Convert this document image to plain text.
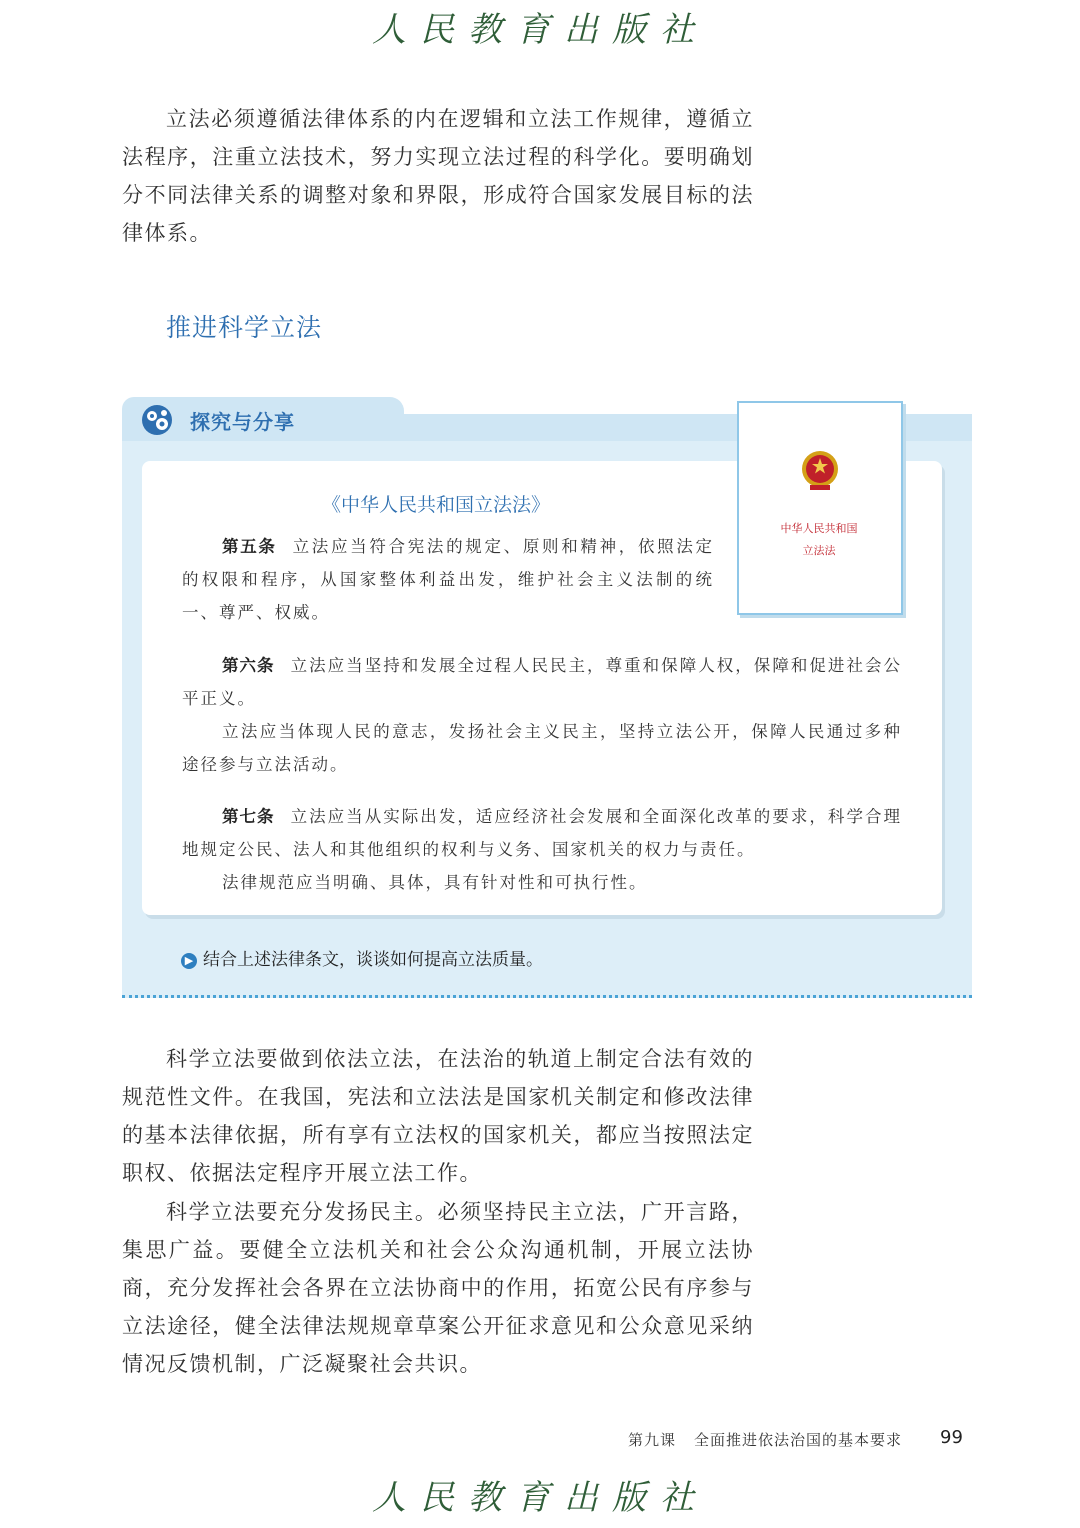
人民教育出版社

立法必须遵循法律体系的内在逻辑和立法工作规律，遵循立法程序，注重立法技术，努力实现立法过程的科学化。要明确划分不同法律关系的调整对象和界限，形成符合国家发展目标的法律体系。

推进科学立法
探究与分享
《中华人民共和国立法法》

第五条 立法应当符合宪法的规定、原则和精神，依照法定的权限和程序，从国家整体利益出发，维护社会主义法制的统一、尊严、权威。

第六条 立法应当坚持和发展全过程人民民主，尊重和保障人权，保障和促进社会公平正义。

立法应当体现人民的意志，发扬社会主义民主，坚持立法公开，保障人民通过多种途径参与立法活动。

第七条 立法应当从实际出发，适应经济社会发展和全面深化改革的要求，科学合理地规定公民、法人和其他组织的权利与义务、国家机关的权力与责任。

法律规范应当明确、具体，具有针对性和可执行性。

中华人民共和国
立法法
▶ 结合上述法律条文，谈谈如何提高立法质量。

科学立法要做到依法立法，在法治的轨道上制定合法有效的规范性文件。在我国，宪法和立法法是国家机关制定和修改法律的基本法律依据，所有享有立法权的国家机关，都应当按照法定职权、依据法定程序开展立法工作。

科学立法要充分发扬民主。必须坚持民主立法，广开言路，集思广益。要健全立法机关和社会公众沟通机制，开展立法协商，充分发挥社会各界在立法协商中的作用，拓宽公民有序参与立法途径，健全法律法规规章草案公开征求意见和公众意见采纳情况反馈机制，广泛凝聚社会共识。

第九课 全面推进依法治国的基本要求 99
人民教育出版社
